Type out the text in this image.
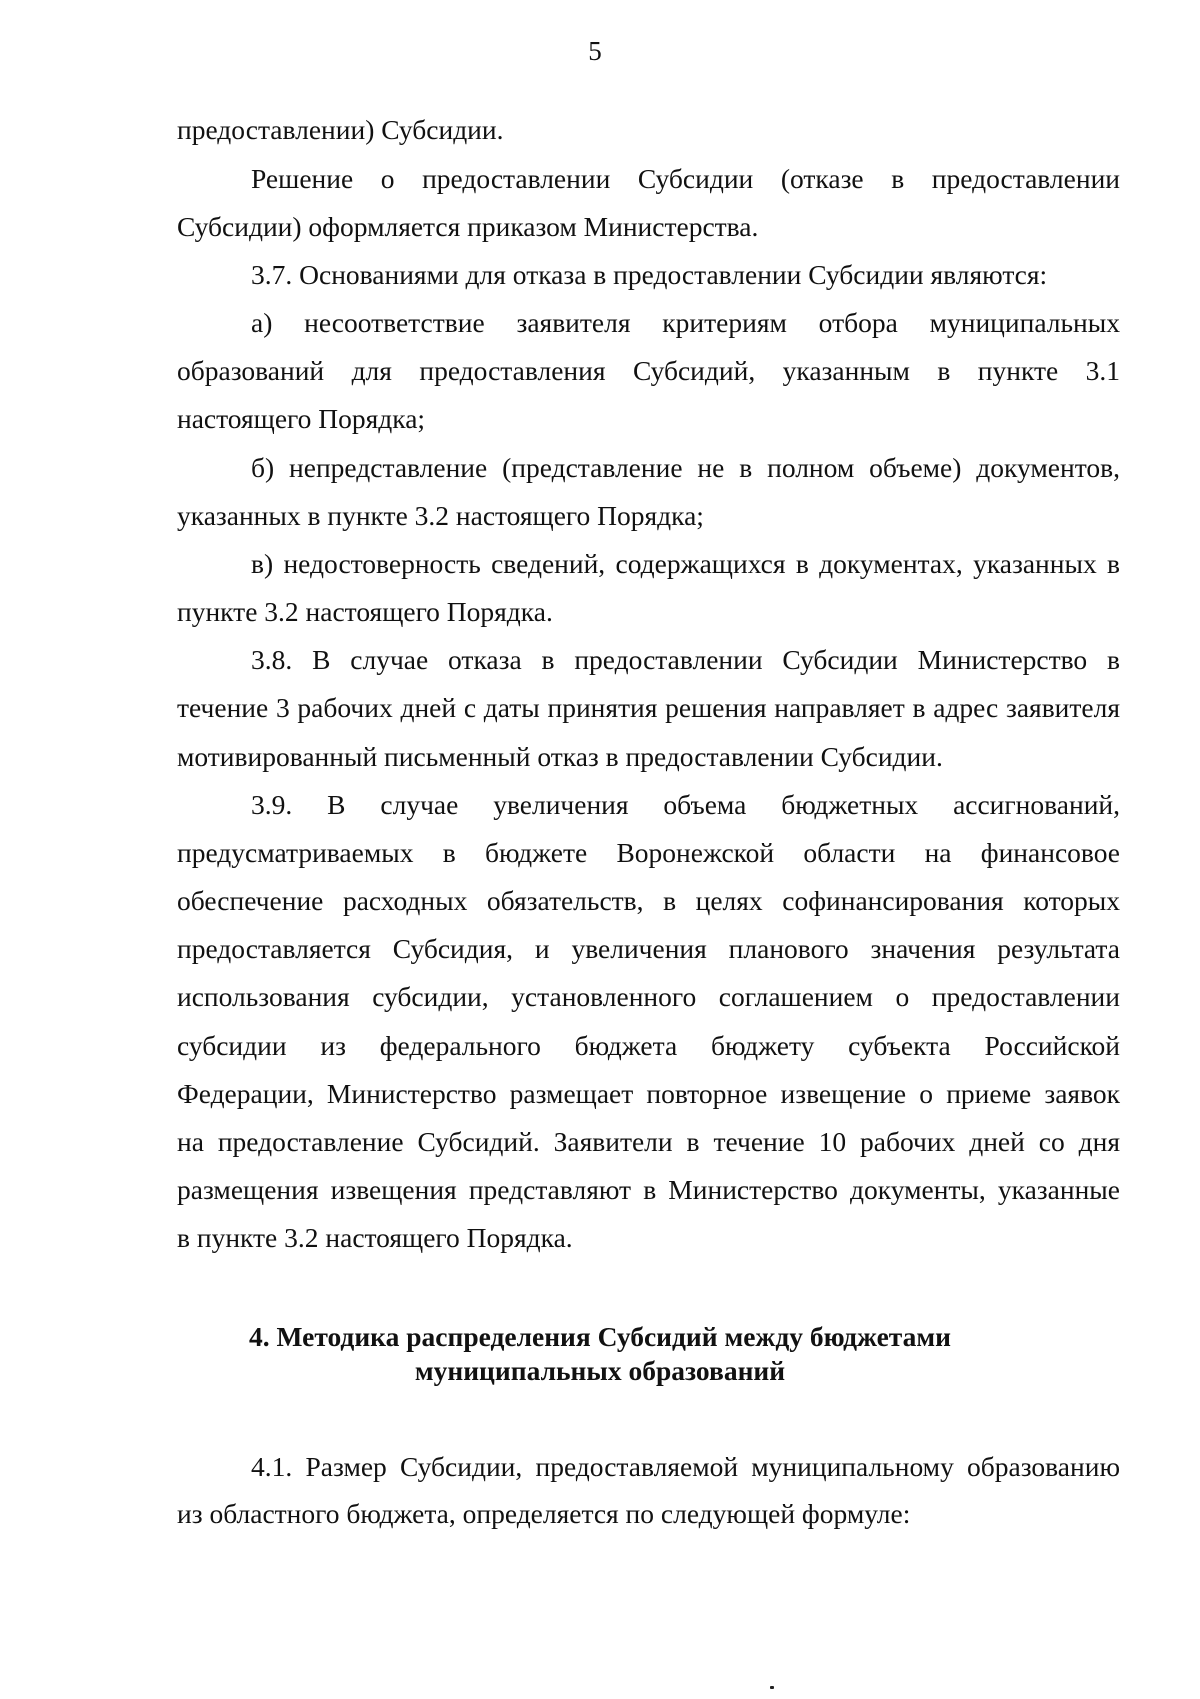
5
предоставлении) Субсидии.
Решение о предоставлении Субсидии (отказе в предоставлении
Субсидии) оформляется приказом Министерства.
3.7. Основаниями для отказа в предоставлении Субсидии являются:
а) несоответствие заявителя критериям отбора муниципальных
образований для предоставления Субсидий, указанным в пункте 3.1
настоящего Порядка;
б) непредставление (представление не в полном объеме) документов,
указанных в пункте 3.2 настоящего Порядка;
в) недостоверность сведений, содержащихся в документах, указанных в
пункте 3.2 настоящего Порядка.
3.8. В случае отказа в предоставлении Субсидии Министерство в
течение 3 рабочих дней с даты принятия решения направляет в адрес заявителя
мотивированный письменный отказ в предоставлении Субсидии.
3.9. В случае увеличения объема бюджетных ассигнований,
предусматриваемых в бюджете Воронежской области на финансовое
обеспечение расходных обязательств, в целях софинансирования которых
предоставляется Субсидия, и увеличения планового значения результата
использования субсидии, установленного соглашением о предоставлении
субсидии из федерального бюджета бюджету субъекта Российской
Федерации, Министерство размещает повторное извещение о приеме заявок
на предоставление Субсидий. Заявители в течение 10 рабочих дней со дня
размещения извещения представляют в Министерство документы, указанные
в пункте 3.2 настоящего Порядка.
4. Методика распределения Субсидий между бюджетами
муниципальных образований
4.1. Размер Субсидии, предоставляемой муниципальному образованию
из областного бюджета, определяется по следующей формуле:
